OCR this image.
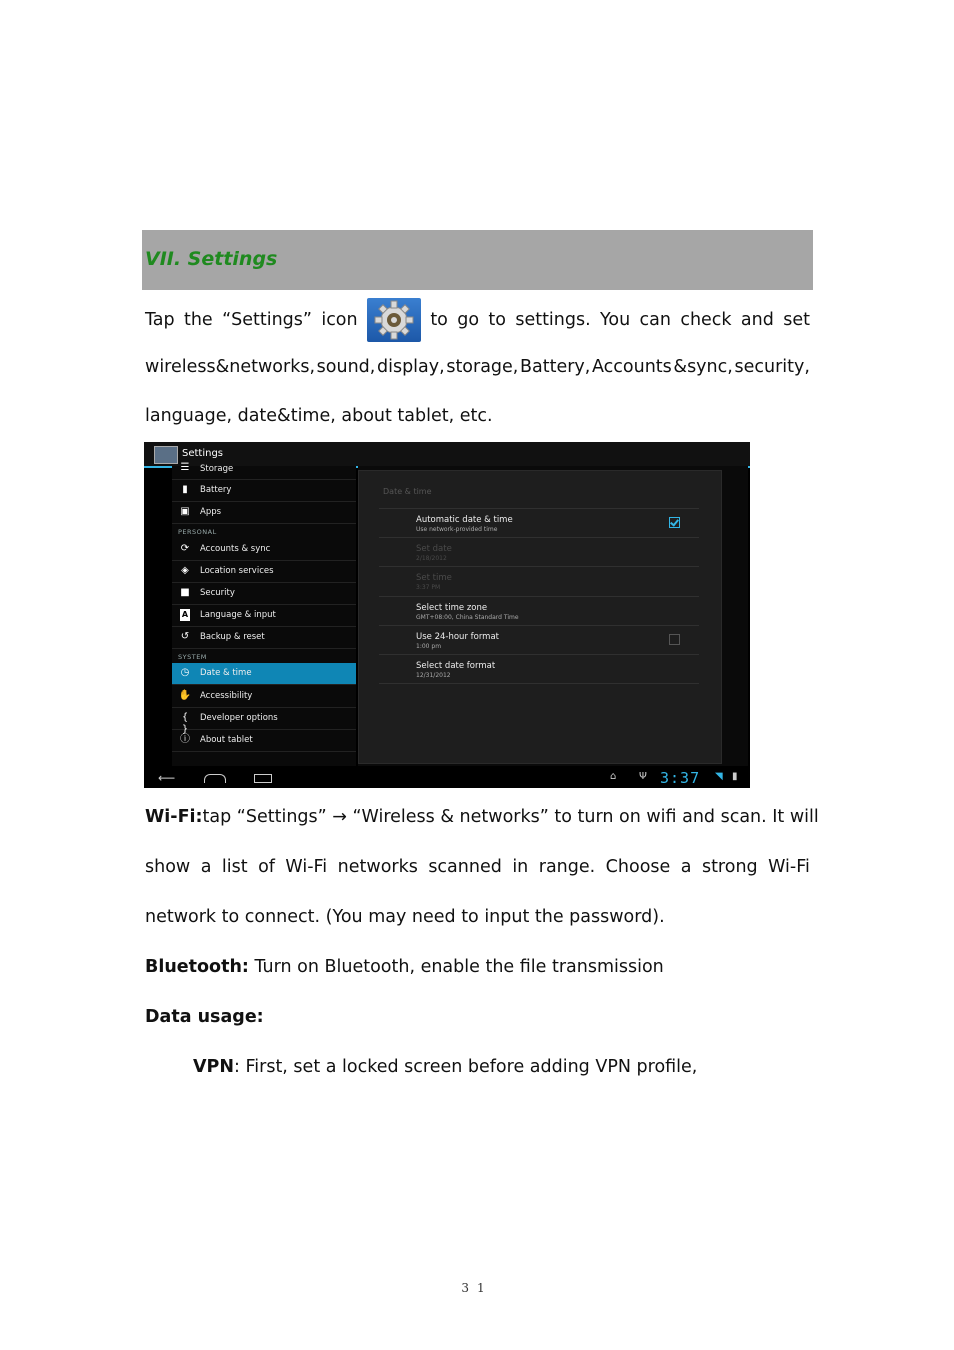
VII. Settings
Tap the “Settings” icon	to go to settings. You can check and set
wireless&networks, sound, display, storage, Battery, Accounts &sync, security,
language, date&time, about tablet, etc.
Settings
☰ Storage
▮	Battery
▣ Apps
PERSONAL
⟳	Accounts & sync
◈	Location services
■ Security
A Language & input
↺	Backup & reset
SYSTEM
◷	Date & time
✋ Accessibility
{ }
Developer options
ⓘ About tablet
Date & time
Automatic date & time
Use network-provided time
Set date
2/18/2012
Set time
3:37 PM
Select time zone
GMT+08:00, China Standard Time
Use 24-hour format
1:00 pm
Select date format
12/31/2012
⟵	⌂ Ψ 3:37 ◥ ▮
Wi-Fi: tap “Settings” → “Wireless & networks” to turn on wifi and scan. It will
show a list of Wi-Fi networks scanned in range. Choose a strong Wi-Fi
network to connect. (You may need to input the password).
Bluetooth: Turn on Bluetooth, enable the file transmission
Data usage:
VPN: First, set a locked screen before adding VPN profile,
31
